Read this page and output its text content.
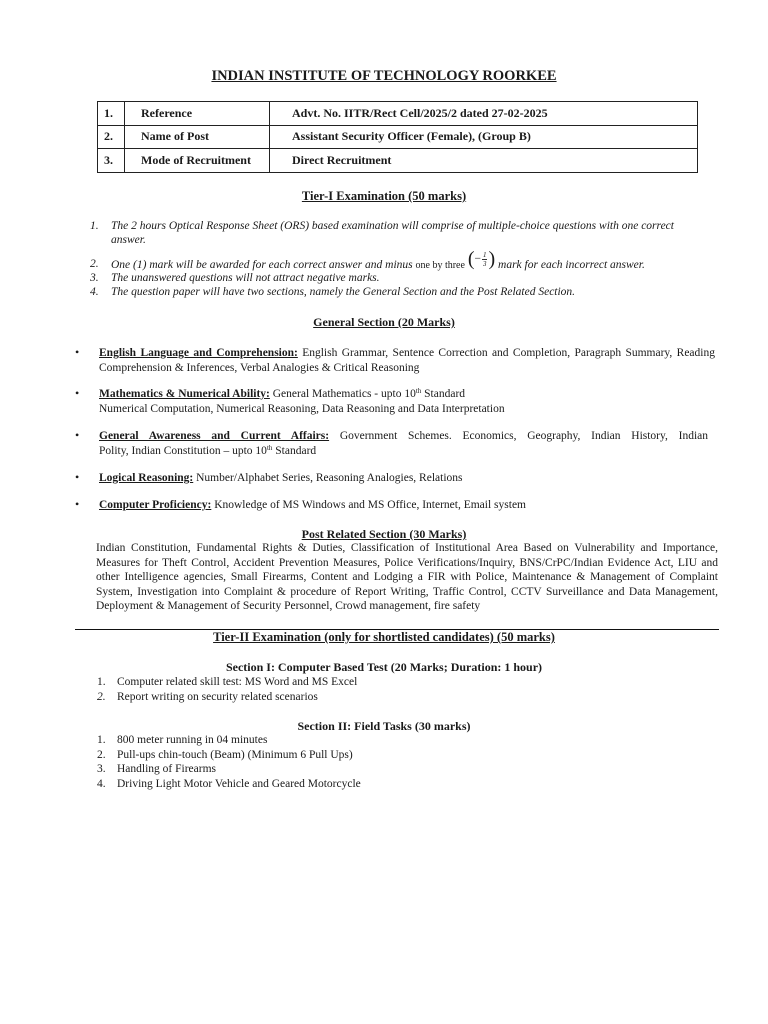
INDIAN INSTITUTE OF TECHNOLOGY ROORKEE
1.	Reference	Advt. No. IITR/Rect Cell/2025/2 dated 27-02-2025
2.	Name of Post	Assistant Security Officer (Female), (Group B)
3.	Mode of Recruitment	Direct Recruitment
Tier-I Examination (50 marks)
1.	The 2 hours Optical Response Sheet (ORS) based examination will comprise of multiple-choice questions with one correct
answer.
2.	One (1) mark will be awarded for each correct answer and minus one by three (− $\frac{1}{3}$ ) mark for each incorrect answer.
3.	The unanswered questions will not attract negative marks.
4.	The question paper will have two sections, namely the General Section and the Post Related Section.
General Section (20 Marks)
• English Language and Comprehension: English Grammar, Sentence Correction and Completion, Paragraph Summary, Reading
Comprehension & Inferences, Verbal Analogies & Critical Reasoning
• Mathematics & Numerical Ability: General Mathematics - upto 10th Standard
Numerical Computation, Numerical Reasoning, Data Reasoning and Data Interpretation
• General Awareness and Current Affairs: Government Schemes. Economics, Geography, Indian History, Indian
Polity, Indian Constitution – upto 10th Standard
• Logical Reasoning: Number/Alphabet Series, Reasoning Analogies, Relations
• Computer Proficiency: Knowledge of MS Windows and MS Office, Internet, Email system
Post Related Section (30 Marks)
Indian Constitution, Fundamental Rights & Duties, Classification of Institutional Area Based on Vulnerability and Importance,
Measures for Theft Control, Accident Prevention Measures, Police Verifications/Inquiry, BNS/CrPC/Indian Evidence Act, LIU and
other Intelligence agencies, Small Firearms, Content and Lodging a FIR with Police, Maintenance & Management of Complaint
System, Investigation into Complaint & procedure of Report Writing, Traffic Control, CCTV Surveillance and Data Management,
Deployment & Management of Security Personnel, Crowd management, fire safety
Tier-II Examination (only for shortlisted candidates) (50 marks)
Section I: Computer Based Test (20 Marks; Duration: 1 hour)
1. Computer related skill test: MS Word and MS Excel
2. Report writing on security related scenarios
Section II: Field Tasks (30 marks)
1. 800 meter running in 04 minutes
2. Pull-ups chin-touch (Beam) (Minimum 6 Pull Ups)
3. Handling of Firearms
4. Driving Light Motor Vehicle and Geared Motorcycle
